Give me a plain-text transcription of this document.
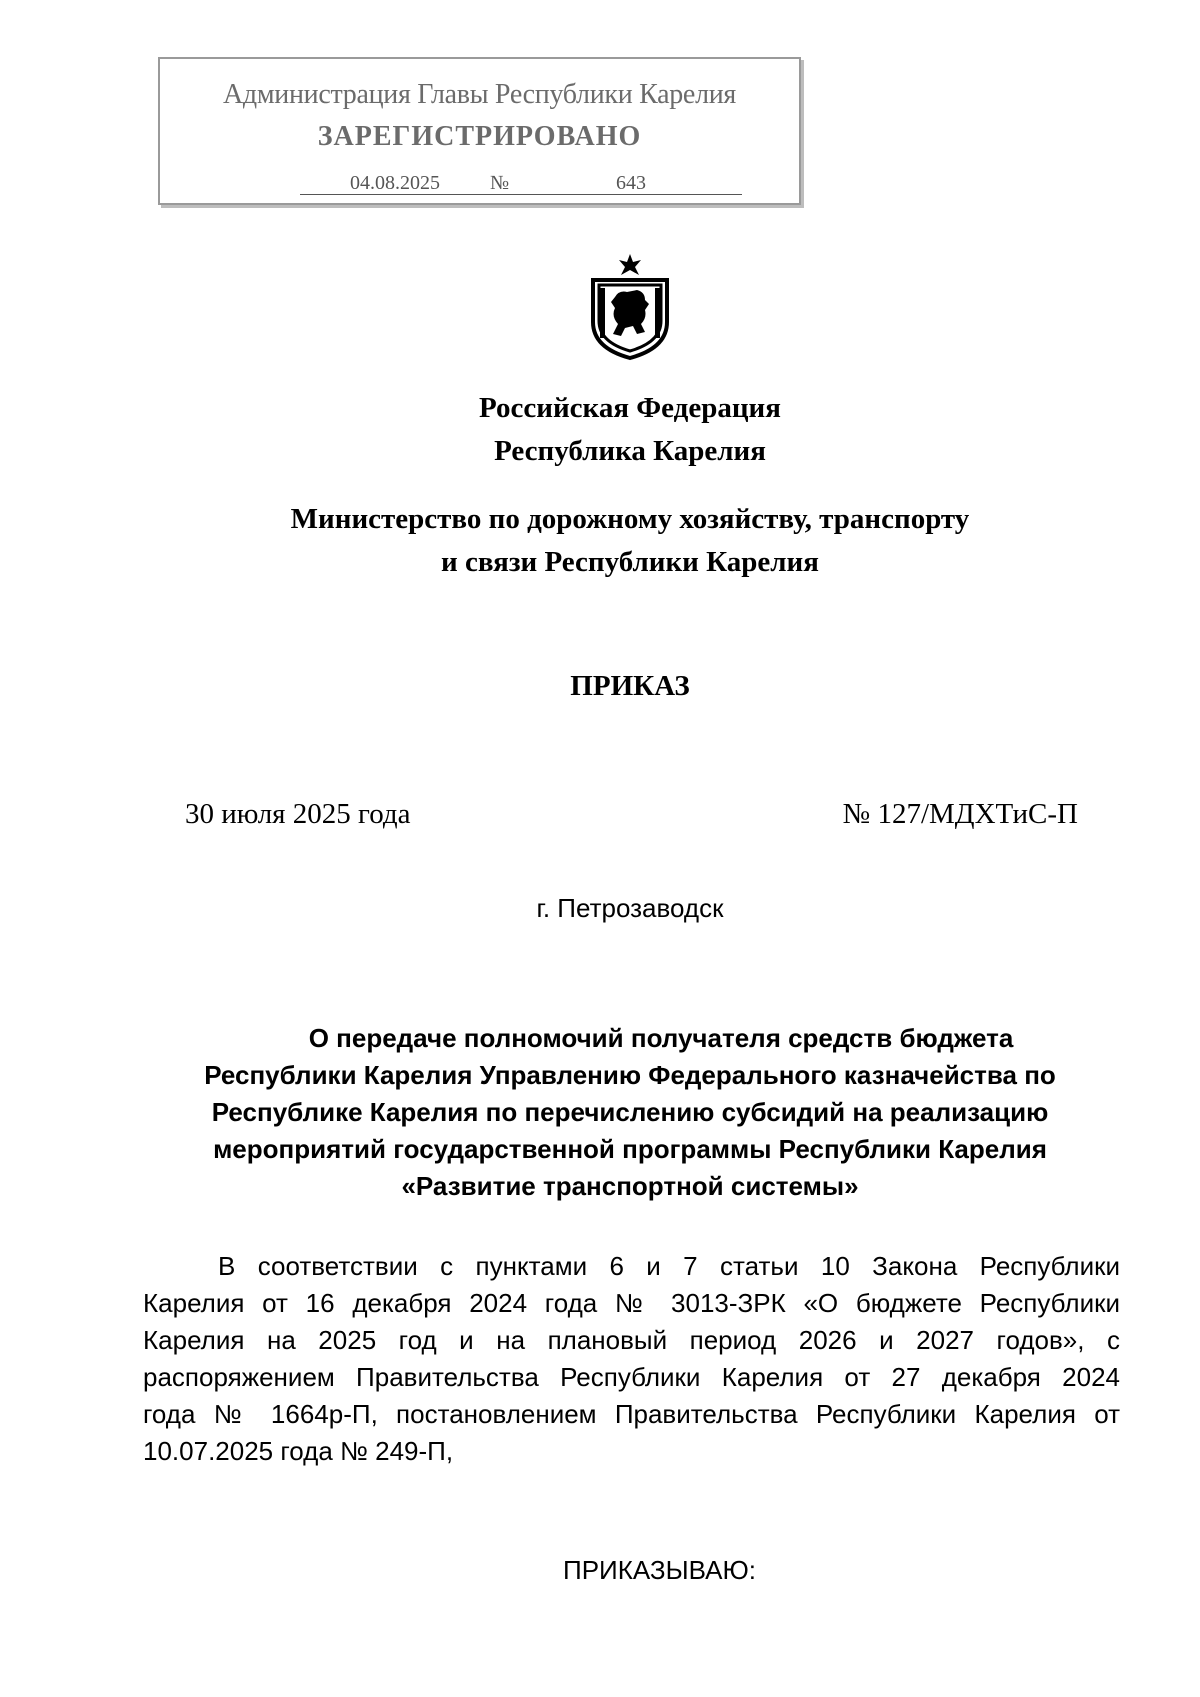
Администрация Главы Республики Карелия
ЗАРЕГИСТРИРОВАНО
04.08.2025	№	643
Российская Федерация
Республика Карелия
Министерство по дорожному хозяйству, транспорту
и связи Республики Карелия
ПРИКАЗ
30 июля 2025 года	№ 127/МДХТиС-П
г. Петрозаводск
О передаче полномочий получателя средств бюджета
Республики Карелия Управлению Федерального казначейства по
Республике Карелия по перечислению субсидий на реализацию
мероприятий государственной программы Республики Карелия
«Развитие транспортной системы»
В соответствии с пунктами 6 и 7 статьи 10 Закона Республики
Карелия от 16 декабря 2024 года № 3013-ЗРК «О бюджете Республики
Карелия на 2025 год и на плановый период 2026 и 2027 годов», с
распоряжением Правительства Республики Карелия от 27 декабря 2024
года № 1664р-П, постановлением Правительства Республики Карелия от
10.07.2025 года № 249-П,
ПРИКАЗЫВАЮ:
